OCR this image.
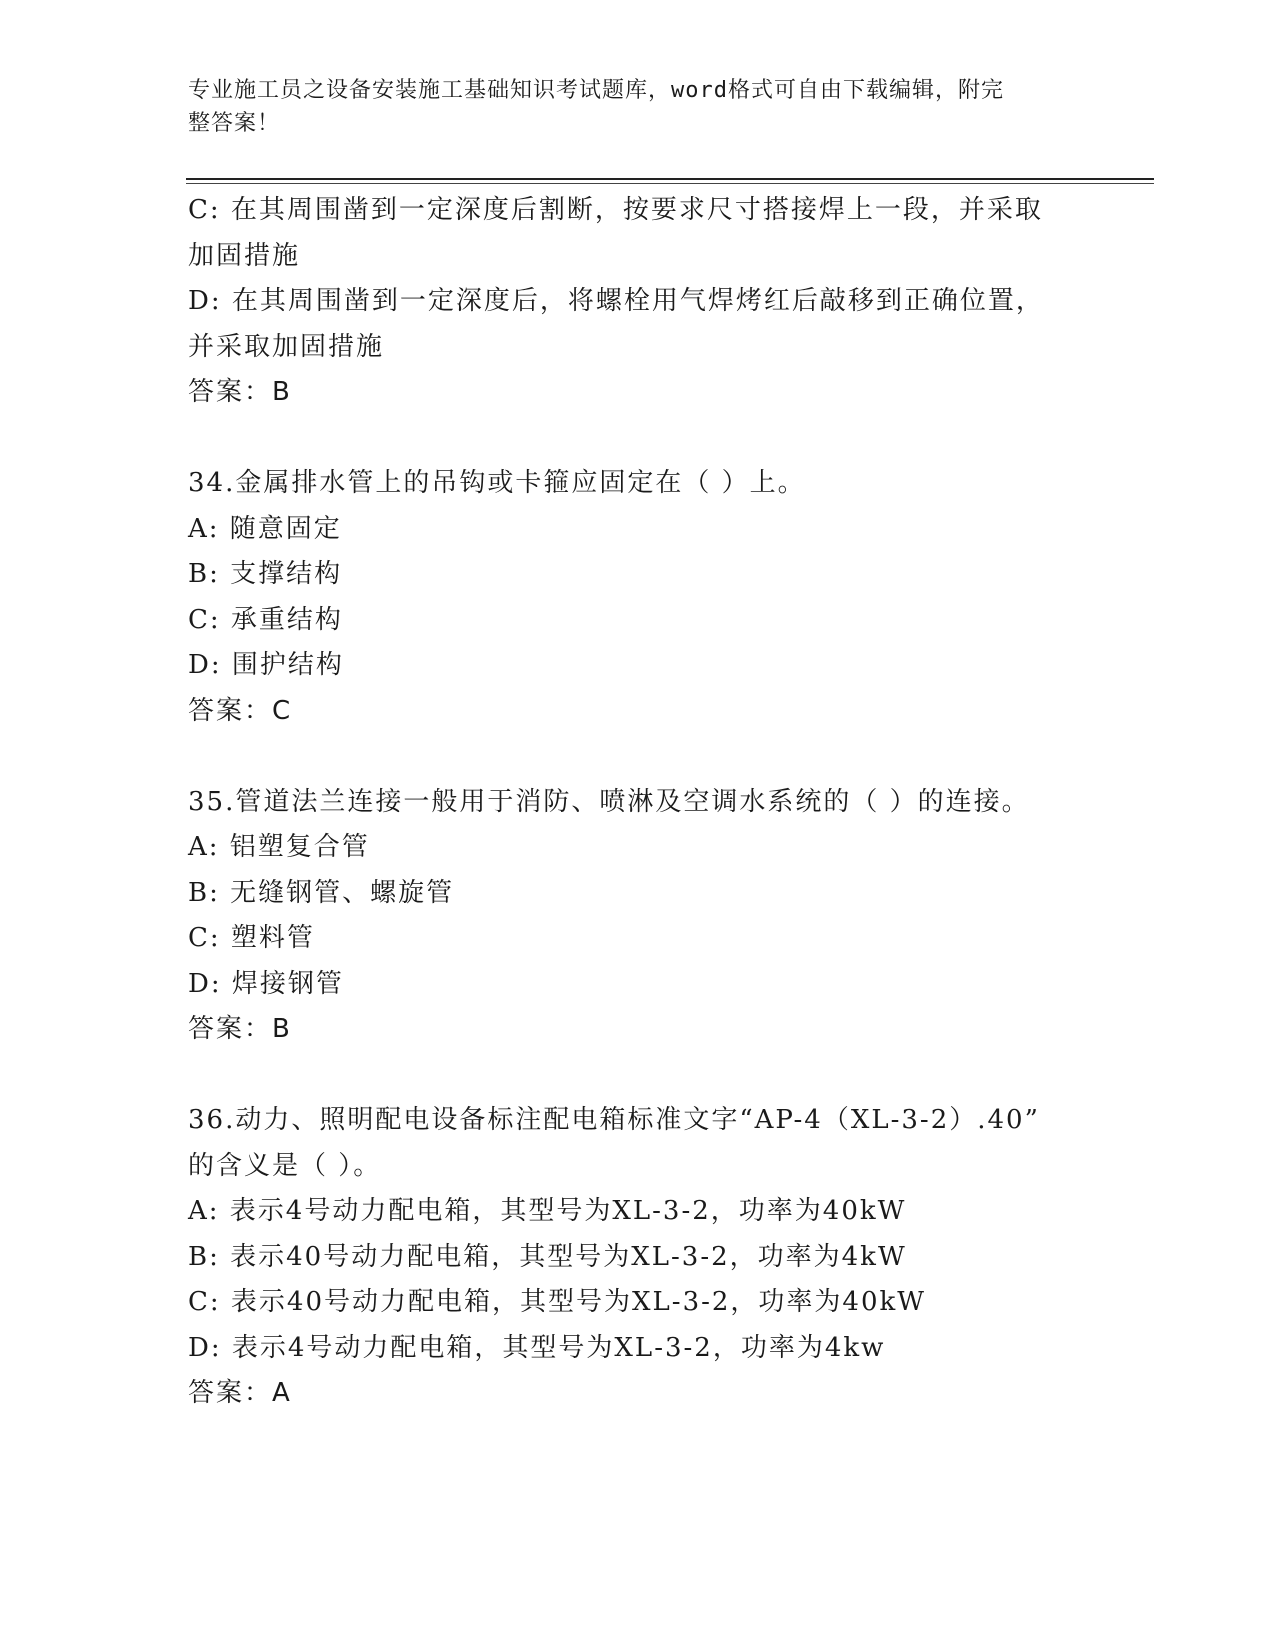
专业施工员之设备安装施工基础知识考试题库，word格式可自由下载编辑，附完
整答案！
C: 在其周围凿到一定深度后割断，按要求尺寸搭接焊上一段，并采取
加固措施
D: 在其周围凿到一定深度后，将螺栓用气焊烤红后敲移到正确位置，
并采取加固措施
答案：B
34.金属排水管上的吊钩或卡箍应固定在（ ）上。
A: 随意固定
B: 支撑结构
C: 承重结构
D: 围护结构
答案：C
35.管道法兰连接一般用于消防、喷淋及空调水系统的（ ）的连接。
A: 铝塑复合管
B: 无缝钢管、螺旋管
C: 塑料管
D: 焊接钢管
答案：B
36.动力、照明配电设备标注配电箱标准文字“AP-4（XL-3-2）.40”
的含义是（ ）。
A: 表示4号动力配电箱，其型号为XL-3-2，功率为40kW
B: 表示40号动力配电箱，其型号为XL-3-2，功率为4kW
C: 表示40号动力配电箱，其型号为XL-3-2，功率为40kW
D: 表示4号动力配电箱，其型号为XL-3-2，功率为4kw
答案：A
